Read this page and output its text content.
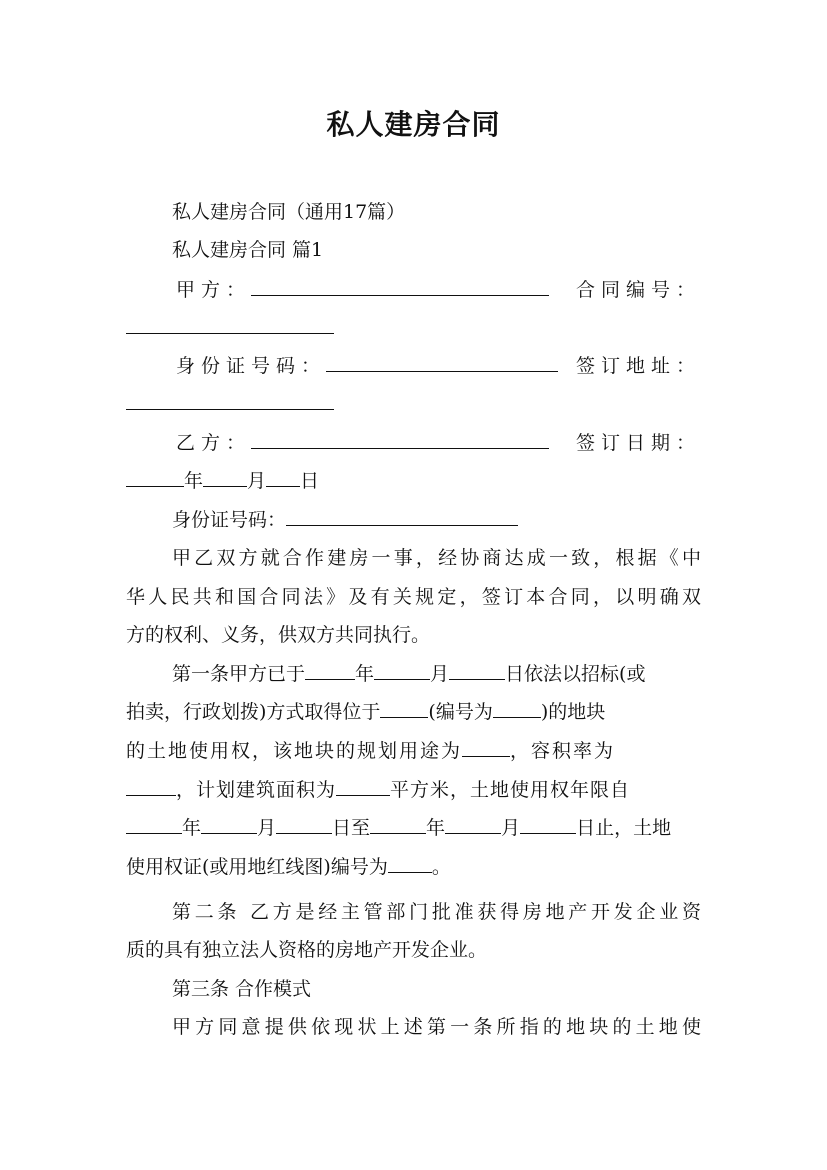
私人建房合同
私人建房合同（通用17篇）
私人建房合同 篇1
甲方：	合同编号：
身份证号码：	签订地址：
乙方：	签订日期：
年 月 日
身份证号码：
甲乙双方就合作建房一事，经协商达成一致，根据《中
华人民共和国合同法》及有关规定，签订本合同，以明确双
方的权利、义务，供双方共同执行。
第一条甲方已于	年	月	日依法以招标(或
拍卖，行政划拨)方式取得位于	(编号为	)的地块
的土地使用权，该地块的规划用途为	，容积率为
，计划建筑面积为	平方米，土地使用权年限自
年	月	日至	年	月	日止，土地
使用权证(或用地红线图)编号为 。
第二条 乙方是经主管部门批准获得房地产开发企业资
质的具有独立法人资格的房地产开发企业。
第三条 合作模式
甲方同意提供依现状上述第一条所指的地块的土地使
